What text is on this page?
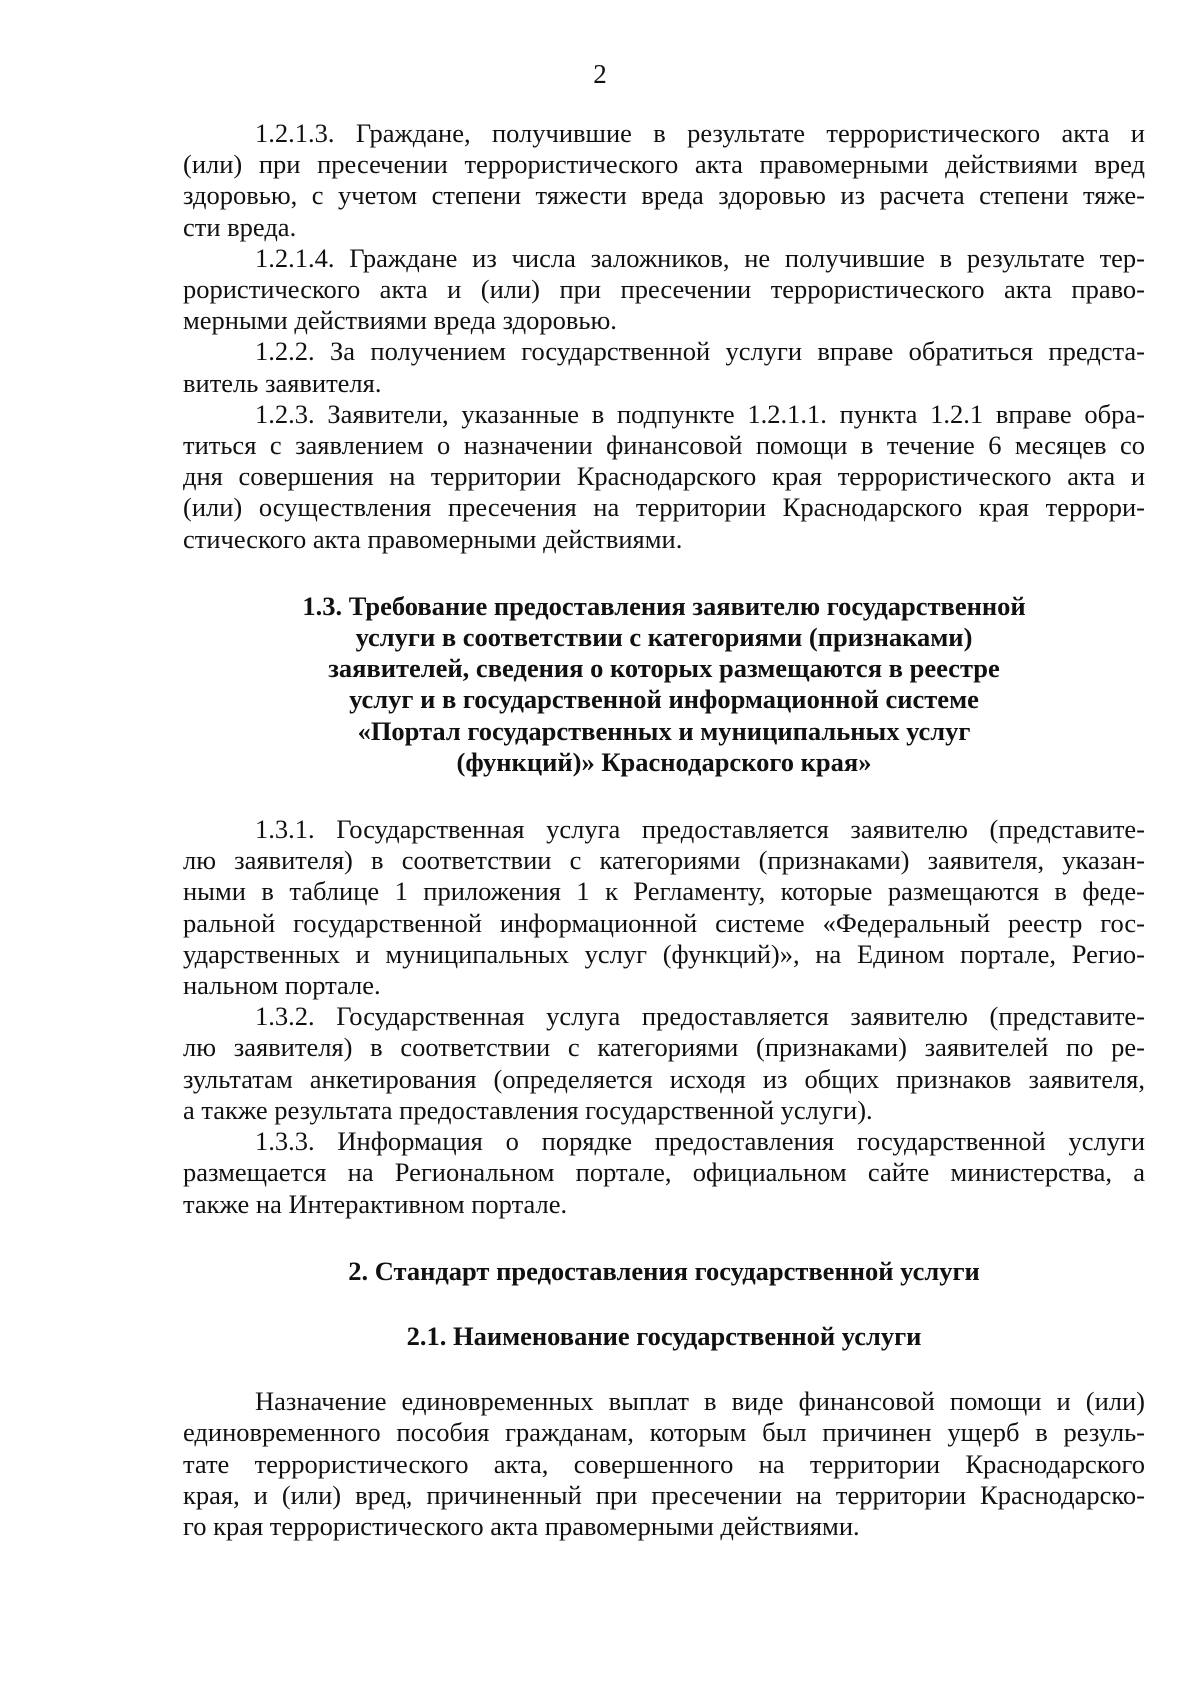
2
1.2.1.3. Граждане, получившие в результате террористического акта и
(или) при пресечении террористического акта правомерными действиями вред
здоровью, с учетом степени тяжести вреда здоровью из расчета степени тяже-
сти вреда.
1.2.1.4. Граждане из числа заложников, не получившие в результате тер-
рористического акта и (или) при пресечении террористического акта право-
мерными действиями вреда здоровью.
1.2.2. За получением государственной услуги вправе обратиться предста-
витель заявителя.
1.2.3. Заявители, указанные в подпункте 1.2.1.1. пункта 1.2.1 вправе обра-
титься с заявлением о назначении финансовой помощи в течение 6 месяцев со
дня совершения на территории Краснодарского края террористического акта и
(или) осуществления пресечения на территории Краснодарского края террори-
стического акта правомерными действиями.
1.3. Требование предоставления заявителю государственной
услуги в соответствии с категориями (признаками)
заявителей, сведения о которых размещаются в реестре
услуг и в государственной информационной системе
«Портал государственных и муниципальных услуг
(функций)» Краснодарского края»
1.3.1. Государственная услуга предоставляется заявителю (представите-
лю заявителя) в соответствии с категориями (признаками) заявителя, указан-
ными в таблице 1 приложения 1 к Регламенту, которые размещаются в феде-
ральной государственной информационной системе «Федеральный реестр гос-
ударственных и муниципальных услуг (функций)», на Едином портале, Регио-
нальном портале.
1.3.2. Государственная услуга предоставляется заявителю (представите-
лю заявителя) в соответствии с категориями (признаками) заявителей по ре-
зультатам анкетирования (определяется исходя из общих признаков заявителя,
а также результата предоставления государственной услуги).
1.3.3. Информация о порядке предоставления государственной услуги
размещается на Региональном портале, официальном сайте министерства, а
также на Интерактивном портале.
2. Стандарт предоставления государственной услуги
2.1. Наименование государственной услуги
Назначение единовременных выплат в виде финансовой помощи и (или)
единовременного пособия гражданам, которым был причинен ущерб в резуль-
тате террористического акта, совершенного на территории Краснодарского
края, и (или) вред, причиненный при пресечении на территории Краснодарско-
го края террористического акта правомерными действиями.
